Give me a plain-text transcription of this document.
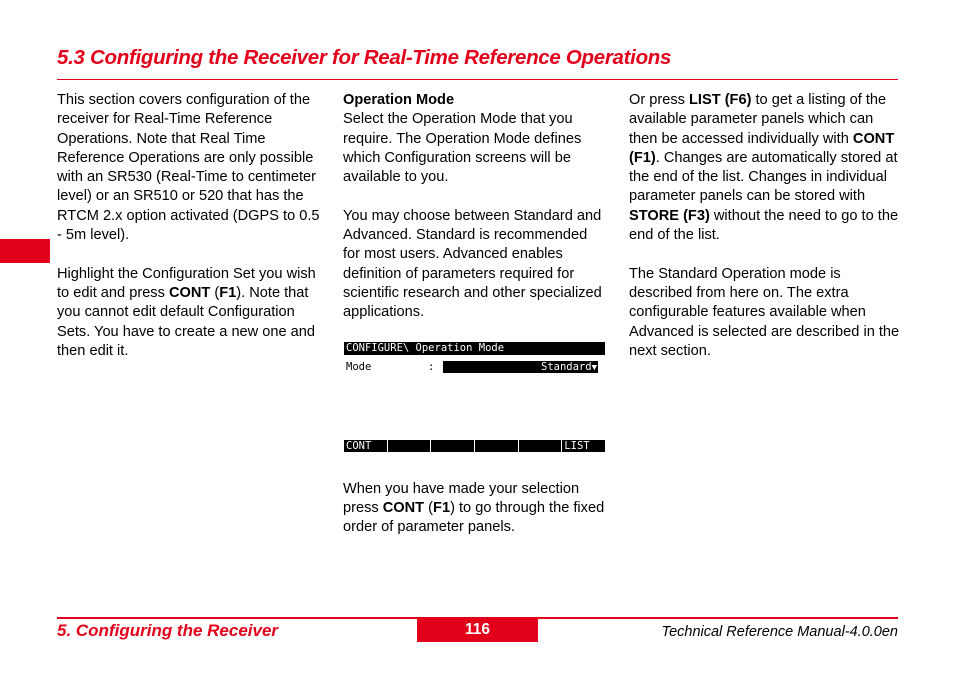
5.3 Configuring the Receiver for Real-Time Reference Operations

This section covers configuration of the receiver for Real-Time Reference Operations. Note that Real Time Reference Operations are only possible with an SR530 (Real-Time to centimeter level) or an SR510 or 520 that has the RTCM 2.x option activated (DGPS to 0.5 - 5m level).

Highlight the Configuration Set you wish to edit and press CONT (F1). Note that you cannot edit default Configuration Sets. You have to create a new one and then edit it.

Operation Mode
Select the Operation Mode that you require. The Operation Mode defines which Configuration screens will be available to you.

You may choose between Standard and Advanced. Standard is recommended for most users. Advanced enables definition of parameters required for scientific research and other specialized applications.

CONFIGURE\ Operation Mode
Mode	:	Standard▼
CONT	LIST

When you have made your selection press CONT (F1) to go through the fixed order of parameter panels.

Or press LIST (F6) to get a listing of the available parameter panels which can then be accessed individually with CONT (F1). Changes are automatically stored at the end of the list. Changes in individual parameter panels can be stored with STORE (F3) without the need to go to the end of the list.

The Standard Operation mode is described from here on. The extra configurable features available when Advanced is selected are described in the next section.

5. Configuring the Receiver	116	Technical Reference Manual-4.0.0en
